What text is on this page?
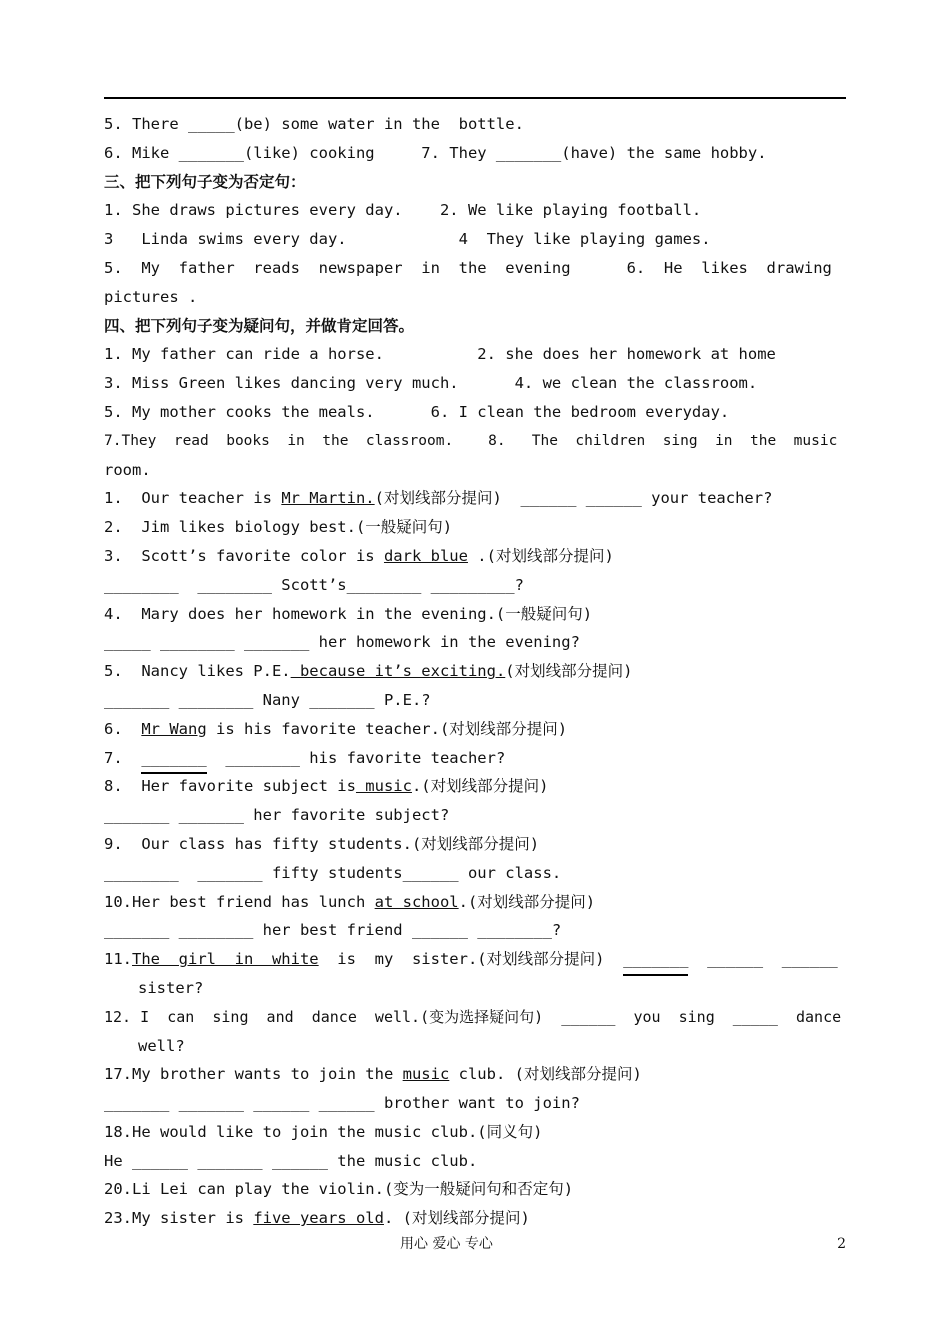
5. There _____(be) some water in the  bottle.
6. Mike _______(like) cooking     7. They _______(have) the same hobby.
三、把下列句子变为否定句：
1. She draws pictures every day.    2. We like playing football.
3   Linda swims every day.            4  They like playing games.
5.  My  father  reads  newspaper  in  the  evening      6.  He  likes  drawing
pictures .
四、把下列句子变为疑问句，并做肯定回答。
1. My father can ride a horse.          2. she does her homework at home
3. Miss Green likes dancing very much.      4. we clean the classroom.
5. My mother cooks the meals.      6. I clean the bedroom everyday.
7.They  read  books  in  the  classroom.    8.   The  children  sing  in  the  music
room.
1.  Our teacher is Mr Martin.(对划线部分提问)  ______ ______ your teacher?
2.  Jim likes biology best.(一般疑问句)
3.  Scott’s favorite color is dark blue .(对划线部分提问)
________  ________ Scott’s________ _________?
4.  Mary does her homework in the evening.(一般疑问句)
_____ ________ _______ her homework in the evening?
5.  Nancy likes P.E. because it’s exciting.(对划线部分提问)
_______ ________ Nany _______ P.E.?
6.  Mr Wang is his favorite teacher.(对划线部分提问)
7.  _______  ________ his favorite teacher?
8.  Her favorite subject is music.(对划线部分提问)
_______ _______ her favorite subject?
9.  Our class has fifty students.(对划线部分提问)
________  _______ fifty students______ our class.
10.Her best friend has lunch at school.(对划线部分提问)
_______ ________ her best friend ______ ________?
11.The  girl  in  white  is  my  sister.(对划线部分提问)  _______  ______  ______
sister?
12. I  can  sing  and  dance  well.(变为选择疑问句)  ______  you  sing  _____  dance
well?
17.My brother wants to join the music club. (对划线部分提问)
_______ _______ ______ ______ brother want to join?
18.He would like to join the music club.(同义句)
He ______ _______ ______ the music club.
20.Li Lei can play the violin.(变为一般疑问句和否定句)
23.My sister is five years old. (对划线部分提问)
用心 爱心 专心	2
